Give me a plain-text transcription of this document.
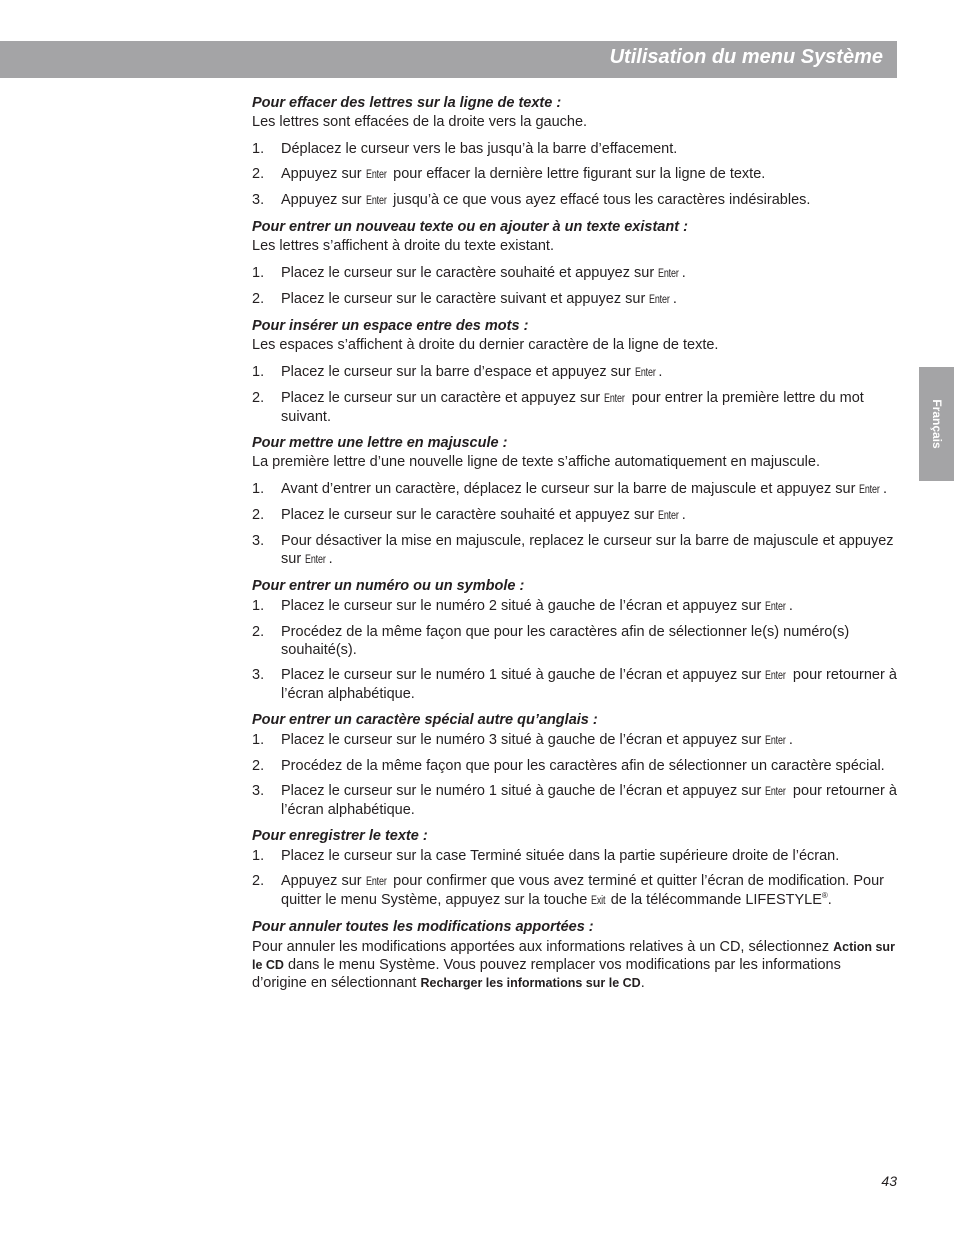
Utilisation du menu Système
Français
Pour effacer des lettres sur la ligne de texte :
Les lettres sont effacées de la droite vers la gauche.
1. Déplacez le curseur vers le bas jusqu’à la barre d’effacement.
2. Appuyez sur Enter pour effacer la dernière lettre figurant sur la ligne de texte.
3. Appuyez sur Enter jusqu’à ce que vous ayez effacé tous les caractères indésirables.
Pour entrer un nouveau texte ou en ajouter à un texte existant :
Les lettres s’affichent à droite du texte existant.
1. Placez le curseur sur le caractère souhaité et appuyez sur Enter .
2. Placez le curseur sur le caractère suivant et appuyez sur Enter .
Pour insérer un espace entre des mots :
Les espaces s’affichent à droite du dernier caractère de la ligne de texte.
1. Placez le curseur sur la barre d’espace et appuyez sur Enter .
2. Placez le curseur sur un caractère et appuyez sur Enter pour entrer la première lettre du mot suivant.
Pour mettre une lettre en majuscule :
La première lettre d’une nouvelle ligne de texte s’affiche automatiquement en majuscule.
1. Avant d’entrer un caractère, déplacez le curseur sur la barre de majuscule et appuyez sur Enter .
2. Placez le curseur sur le caractère souhaité et appuyez sur Enter .
3. Pour désactiver la mise en majuscule, replacez le curseur sur la barre de majuscule et appuyez sur Enter .
Pour entrer un numéro ou un symbole :
1. Placez le curseur sur le numéro 2 situé à gauche de l’écran et appuyez sur Enter .
2. Procédez de la même façon que pour les caractères afin de sélectionner le(s) numéro(s) souhaité(s).
3. Placez le curseur sur le numéro 1 situé à gauche de l’écran et appuyez sur Enter pour retourner à l’écran alphabétique.
Pour entrer un caractère spécial autre qu’anglais :
1. Placez le curseur sur le numéro 3 situé à gauche de l’écran et appuyez sur Enter .
2. Procédez de la même façon que pour les caractères afin de sélectionner un caractère spécial.
3. Placez le curseur sur le numéro 1 situé à gauche de l’écran et appuyez sur Enter pour retourner à l’écran alphabétique.
Pour enregistrer le texte :
1. Placez le curseur sur la case Terminé située dans la partie supérieure droite de l’écran.
2. Appuyez sur Enter pour confirmer que vous avez terminé et quitter l’écran de modification. Pour quitter le menu Système, appuyez sur la touche Exit de la télécommande LIFESTYLE®.
Pour annuler toutes les modifications apportées :
Pour annuler les modifications apportées aux informations relatives à un CD, sélectionnez Action sur le CD dans le menu Système. Vous pouvez remplacer vos modifications par les informations d’origine en sélectionnant Recharger les informations sur le CD.
43
